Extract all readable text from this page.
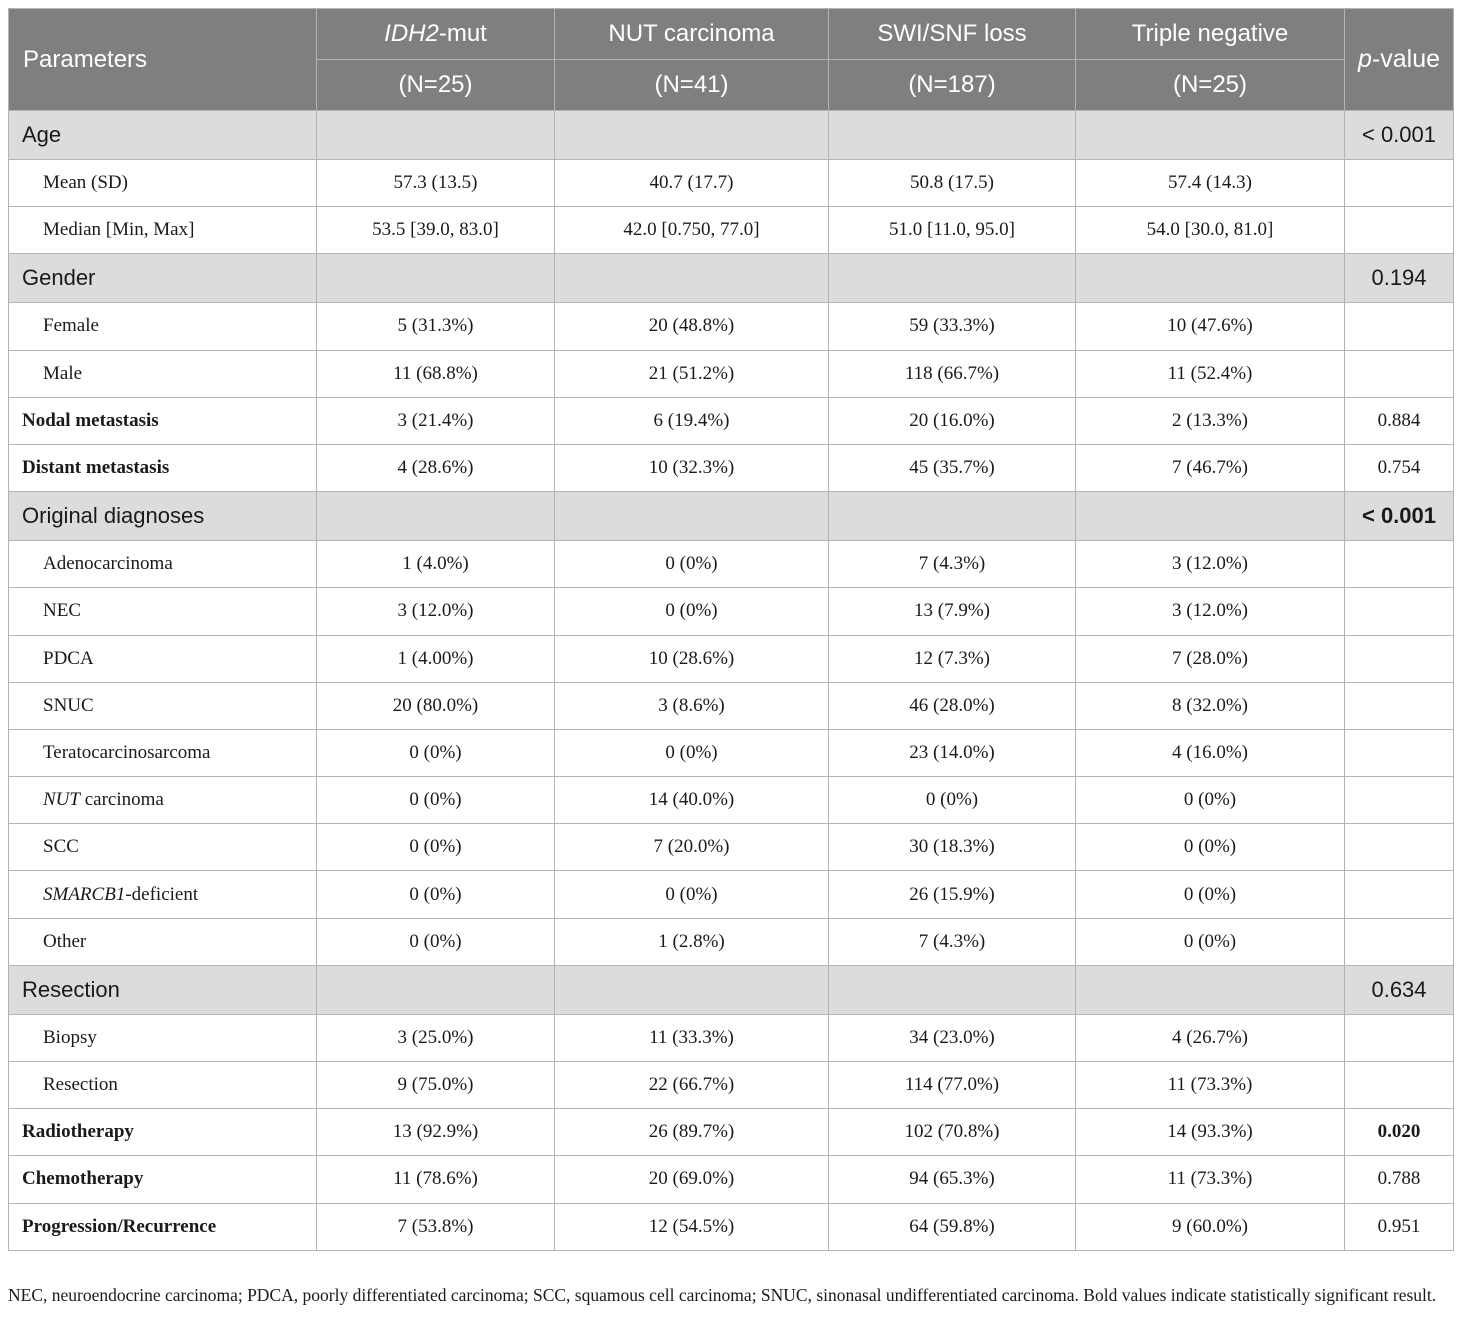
Parameters	IDH2-mut	NUT carcinoma	SWI/SNF loss	Triple negative	p-value
	(N=25)	(N=41)	(N=187)	(N=25)	
Age					< 0.001
Mean (SD)	57.3 (13.5)	40.7 (17.7)	50.8 (17.5)	57.4 (14.3)	
Median [Min, Max]	53.5 [39.0, 83.0]	42.0 [0.750, 77.0]	51.0 [11.0, 95.0]	54.0 [30.0, 81.0]	
Gender					0.194
Female	5 (31.3%)	20 (48.8%)	59 (33.3%)	10 (47.6%)	
Male	11 (68.8%)	21 (51.2%)	118 (66.7%)	11 (52.4%)	
Nodal metastasis	3 (21.4%)	6 (19.4%)	20 (16.0%)	2 (13.3%)	0.884
Distant metastasis	4 (28.6%)	10 (32.3%)	45 (35.7%)	7 (46.7%)	0.754
Original diagnoses					< 0.001
Adenocarcinoma	1 (4.0%)	0 (0%)	7 (4.3%)	3 (12.0%)	
NEC	3 (12.0%)	0 (0%)	13 (7.9%)	3 (12.0%)	
PDCA	1 (4.00%)	10 (28.6%)	12 (7.3%)	7 (28.0%)	
SNUC	20 (80.0%)	3 (8.6%)	46 (28.0%)	8 (32.0%)	
Teratocarcinosarcoma	0 (0%)	0 (0%)	23 (14.0%)	4 (16.0%)	
NUT carcinoma	0 (0%)	14 (40.0%)	0 (0%)	0 (0%)	
SCC	0 (0%)	7 (20.0%)	30 (18.3%)	0 (0%)	
SMARCB1-deficient	0 (0%)	0 (0%)	26 (15.9%)	0 (0%)	
Other	0 (0%)	1 (2.8%)	7 (4.3%)	0 (0%)	
Resection					0.634
Biopsy	3 (25.0%)	11 (33.3%)	34 (23.0%)	4 (26.7%)	
Resection	9 (75.0%)	22 (66.7%)	114 (77.0%)	11 (73.3%)	
Radiotherapy	13 (92.9%)	26 (89.7%)	102 (70.8%)	14 (93.3%)	0.020
Chemotherapy	11 (78.6%)	20 (69.0%)	94 (65.3%)	11 (73.3%)	0.788
Progression/Recurrence	7 (53.8%)	12 (54.5%)	64 (59.8%)	9 (60.0%)	0.951
NEC, neuroendocrine carcinoma; PDCA, poorly differentiated carcinoma; SCC, squamous cell carcinoma; SNUC, sinonasal undifferentiated carcinoma. Bold values indicate statistically significant result.
